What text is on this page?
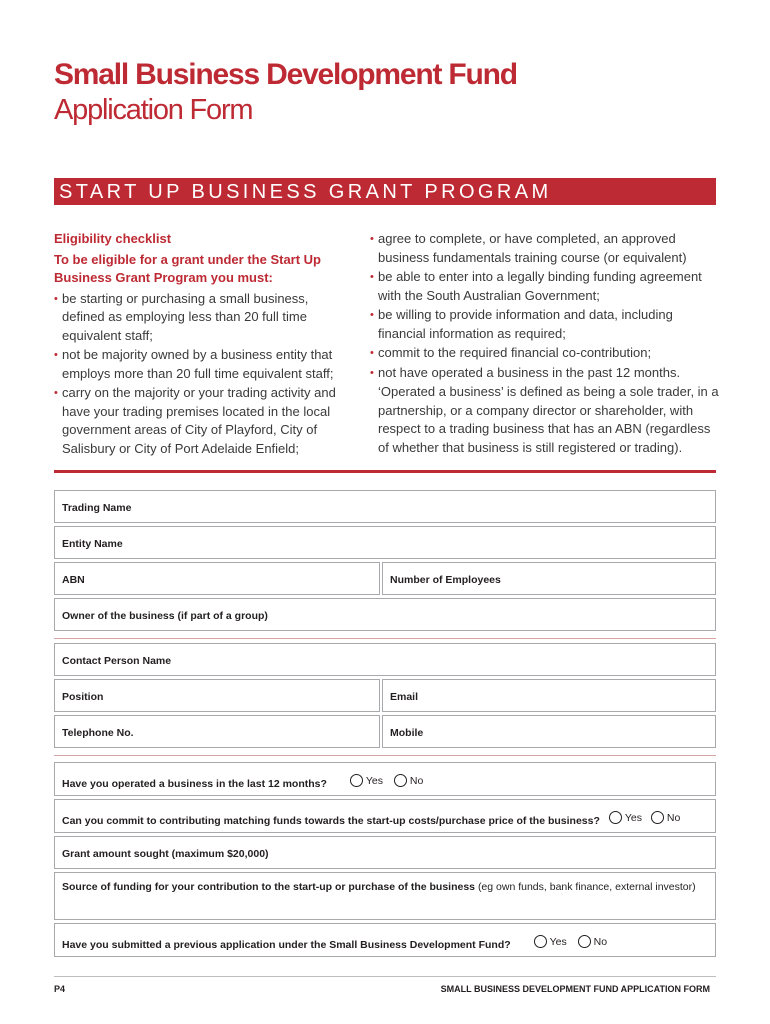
Small Business Development Fund
Application Form
START UP BUSINESS GRANT PROGRAM
Eligibility checklist
To be eligible for a grant under the Start Up Business Grant Program you must:
• be starting or purchasing a small business, defined as employing less than 20 full time equivalent staff;
• not be majority owned by a business entity that employs more than 20 full time equivalent staff;
• carry on the majority or your trading activity and have your trading premises located in the local government areas of City of Playford, City of Salisbury or City of Port Adelaide Enfield;
• agree to complete, or have completed, an approved business fundamentals training course (or equivalent)
• be able to enter into a legally binding funding agreement with the South Australian Government;
• be willing to provide information and data, including financial information as required;
• commit to the required financial co-contribution;
• not have operated a business in the past 12 months.
‘Operated a business’ is defined as being a sole trader, in a partnership, or a company director or shareholder, with respect to a trading business that has an ABN (regardless of whether that business is still registered or trading).
Trading Name
Entity Name
ABN	Number of Employees
Owner of the business (if part of a group)
Contact Person Name
Position	Email
Telephone No.	Mobile
Have you operated a business in the last 12 months?	Yes
	No
Can you commit to contributing matching funds towards the start-up costs/purchase price of the business? Yes
No
Grant amount sought (maximum $20,000)
Source of funding for your contribution to the start-up or purchase of the business (eg own funds, bank finance, external investor)
Have you submitted a previous application under the Small Business Development Fund?	Yes
	No
P4	SMALL BUSINESS DEVELOPMENT FUND APPLICATION FORM
